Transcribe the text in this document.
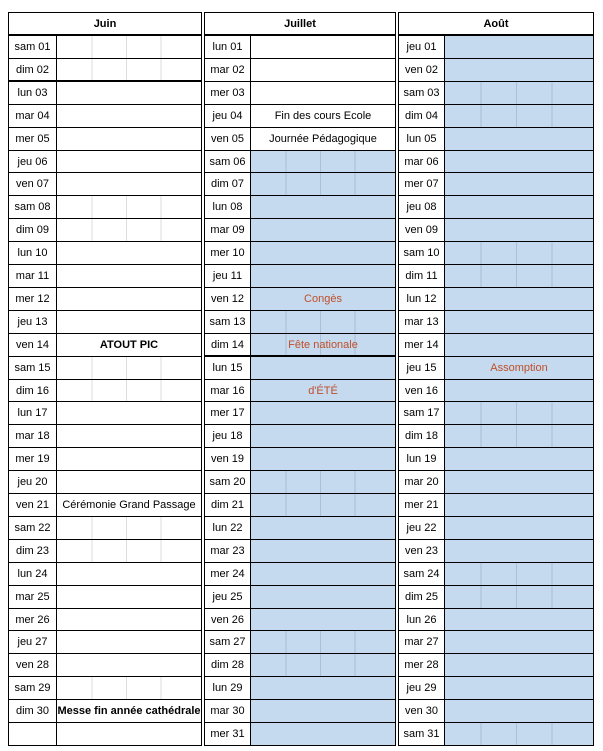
Juin
sam 01
dim 02
lun 03
mar 04
mer 05
jeu 06
ven 07
sam 08
dim 09
lun 10
mar 11
mer 12
jeu 13
ven 14	ATOUT PIC
sam 15
dim 16
lun 17
mar 18
mer 19
jeu 20
ven 21	Cérémonie Grand Passage
sam 22
dim 23
lun 24
mar 25
mer 26
jeu 27
ven 28
sam 29
dim 30 Messe fin année cathédrale
Juillet
lun 01
mar 02
mer 03
jeu 04	Fin des cours Ecole
ven 05	Journée Pédagogique
sam 06
dim 07
lun 08
mar 09
mer 10
jeu 11
ven 12	Congès
sam 13
dim 14	Fête nationale
lun 15
mar 16	d'ÉTÉ
mer 17
jeu 18
ven 19
sam 20
dim 21
lun 22
mar 23
mer 24
jeu 25
ven 26
sam 27
dim 28
lun 29
mar 30
mer 31
Août
jeu 01
ven 02
sam 03
dim 04
lun 05
mar 06
mer 07
jeu 08
ven 09
sam 10
dim 11
lun 12
mar 13
mer 14
jeu 15	Assomption
ven 16
sam 17
dim 18
lun 19
mar 20
mer 21
jeu 22
ven 23
sam 24
dim 25
lun 26
mar 27
mer 28
jeu 29
ven 30
sam 31
